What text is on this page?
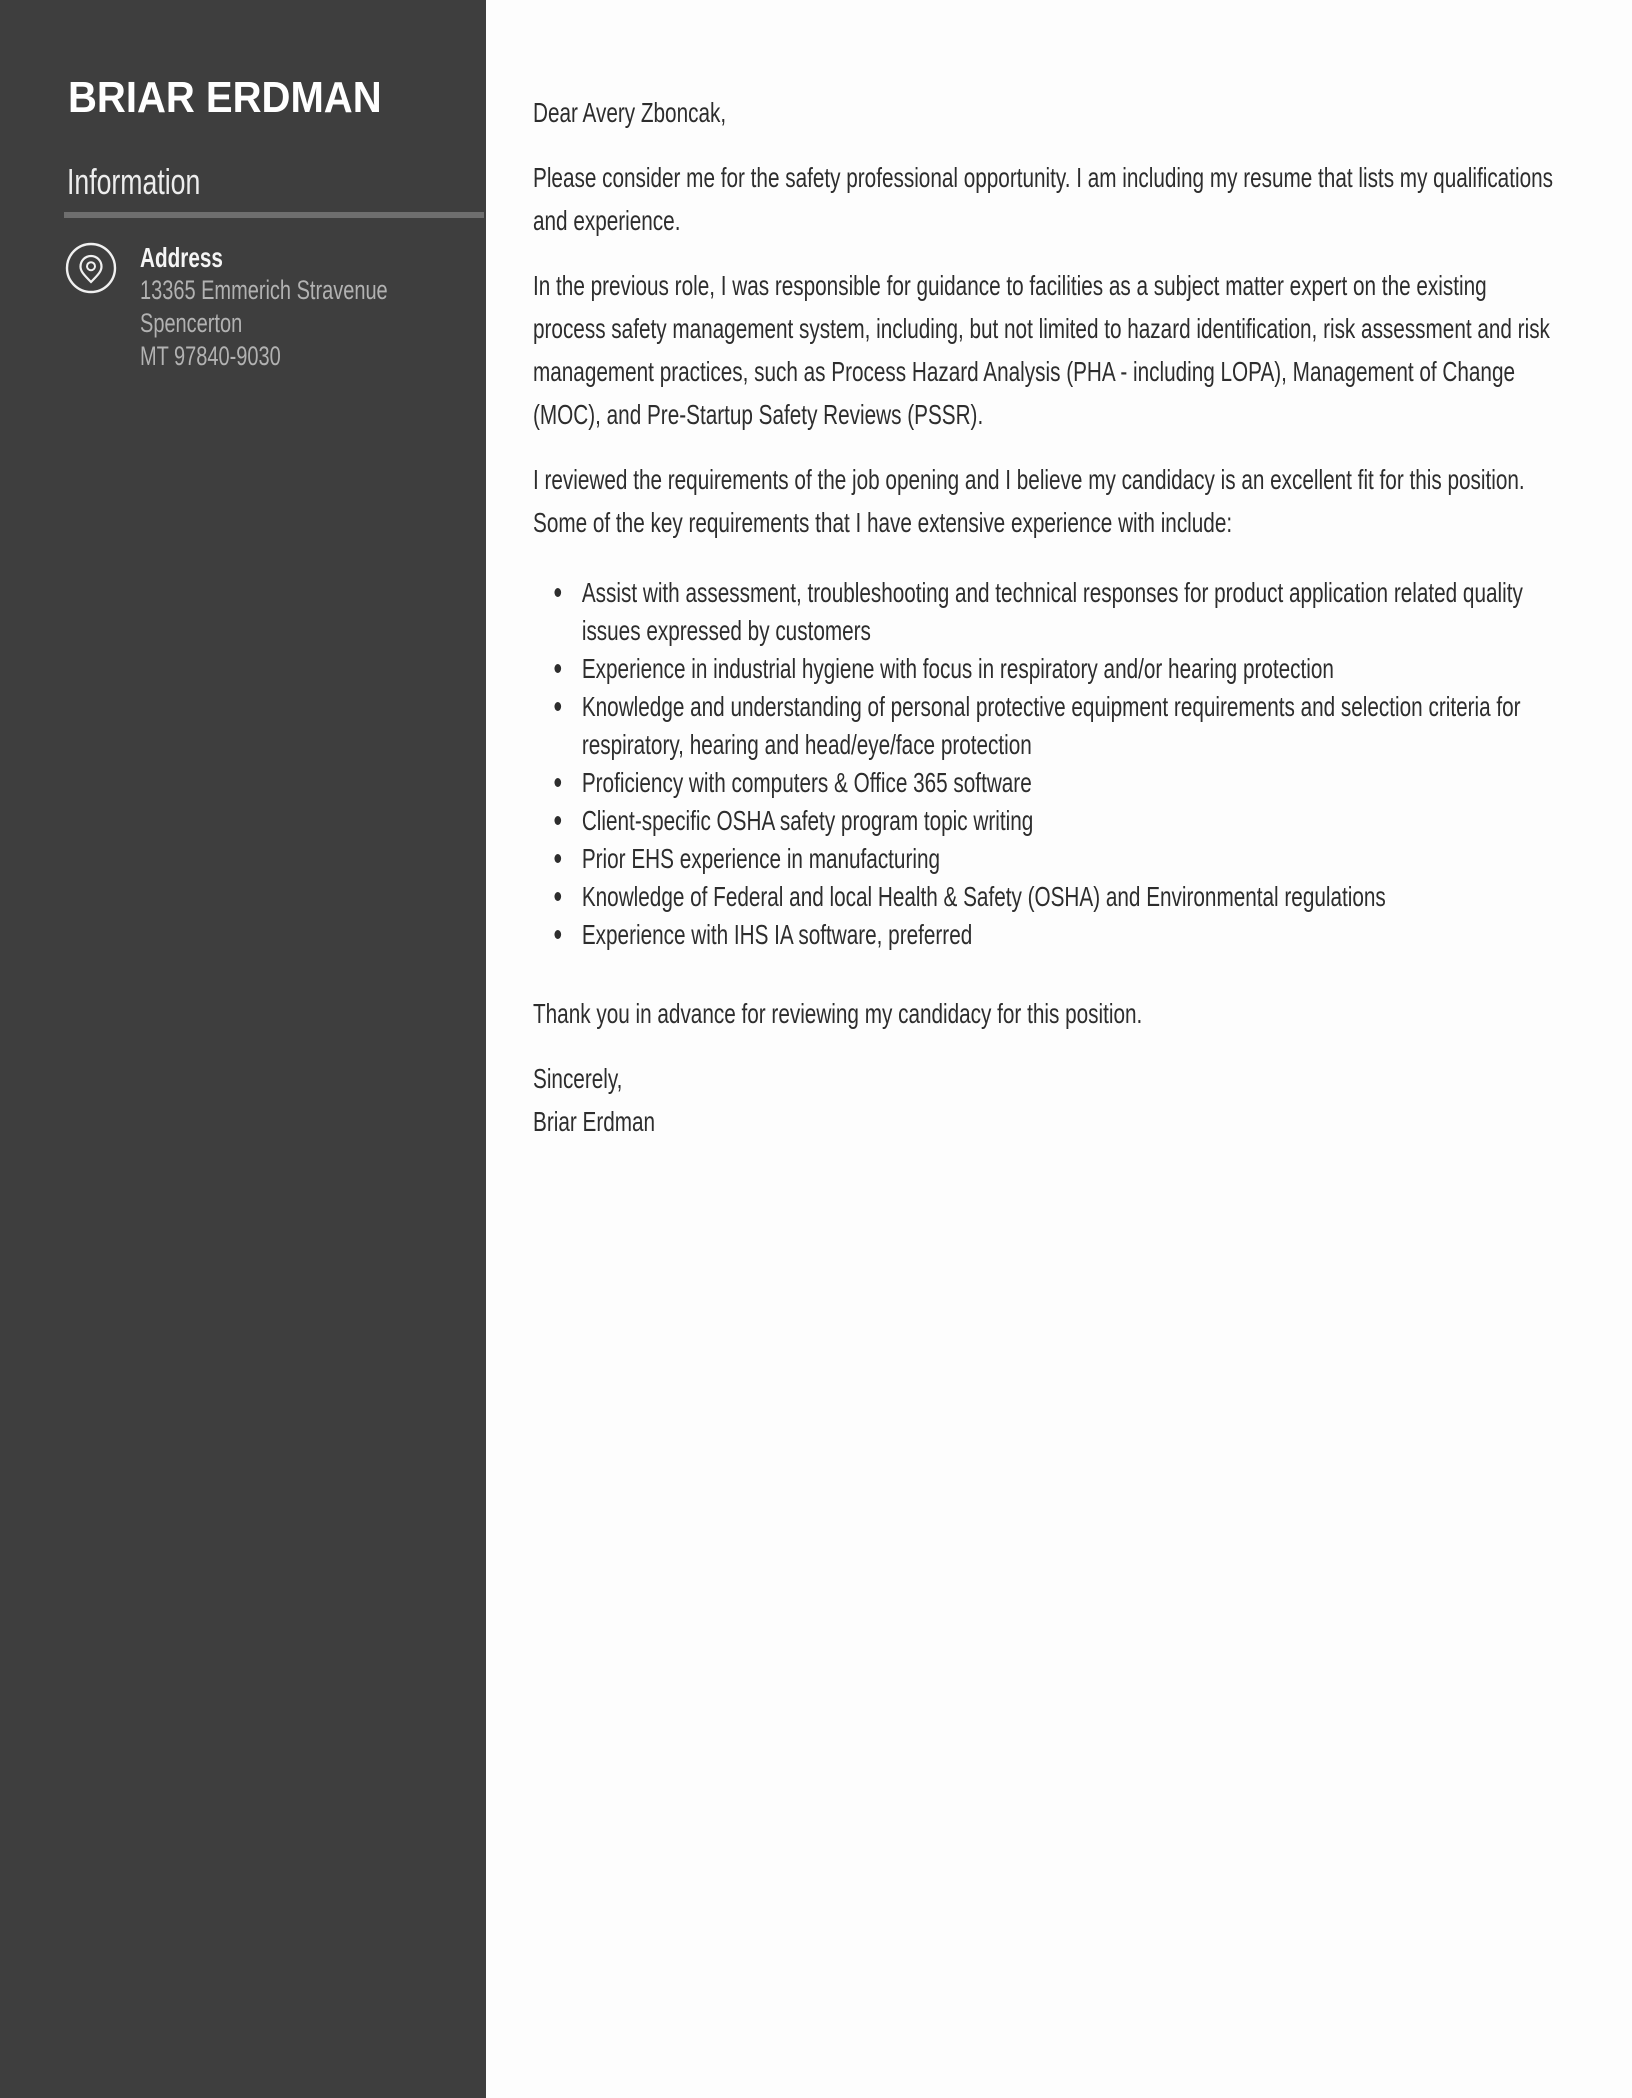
BRIAR ERDMAN
Information
Address
13365 Emmerich Stravenue
Spencerton
MT 97840-9030

Dear Avery Zboncak,

Please consider me for the safety professional opportunity. I am including my resume that lists my qualifications and experience.

In the previous role, I was responsible for guidance to facilities as a subject matter expert on the existing process safety management system, including, but not limited to hazard identification, risk assessment and risk management practices, such as Process Hazard Analysis (PHA - including LOPA), Management of Change (MOC), and Pre-Startup Safety Reviews (PSSR).

I reviewed the requirements of the job opening and I believe my candidacy is an excellent fit for this position. Some of the key requirements that I have extensive experience with include:

Assist with assessment, troubleshooting and technical responses for product application related quality issues expressed by customers
Experience in industrial hygiene with focus in respiratory and/or hearing protection
Knowledge and understanding of personal protective equipment requirements and selection criteria for respiratory, hearing and head/eye/face protection
Proficiency with computers & Office 365 software
Client-specific OSHA safety program topic writing
Prior EHS experience in manufacturing
Knowledge of Federal and local Health & Safety (OSHA) and Environmental regulations
Experience with IHS IA software, preferred

Thank you in advance for reviewing my candidacy for this position.

Sincerely,
Briar Erdman
